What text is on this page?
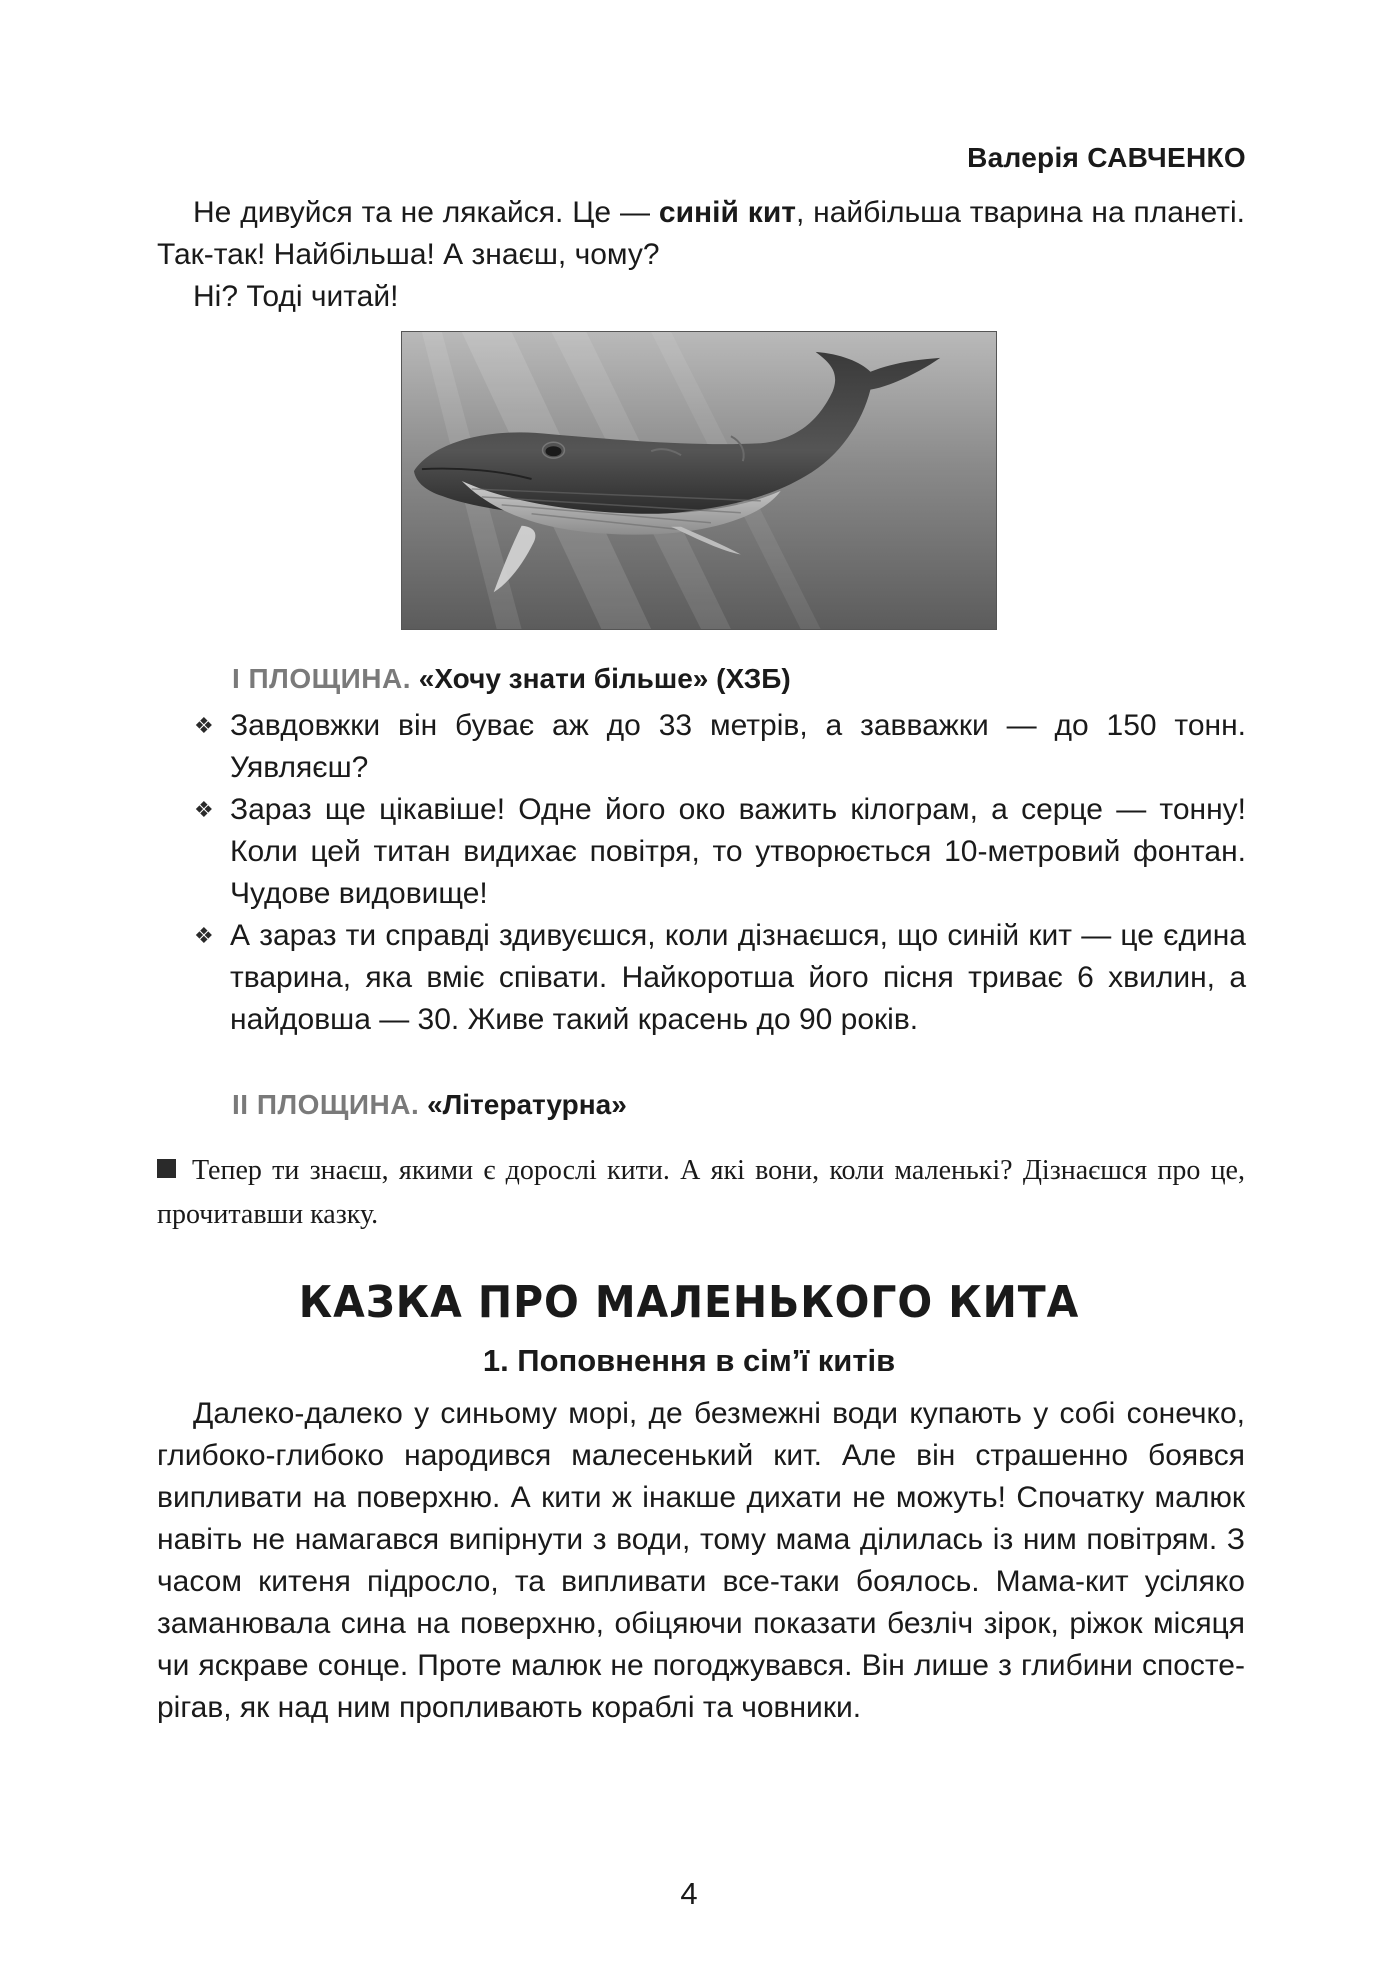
Валерія САВЧЕНКО

Не дивуйся та не лякайся. Це — синій кит, найбільша тварина на планеті. Так-так! Найбільша! А знаєш, чому?

Ні? Тоді читай!

I ПЛОЩИНА. «Хочу знати більше» (ХЗБ)
❖ Завдовжки він буває аж до 33 метрів, а завважки — до 150 тонн. Уявляєш?
❖ Зараз ще цікавіше! Одне його око важить кілограм, а серце — тонну! Коли цей титан видихає повітря, то утворюється 10-метровий фонтан. Чудове видовище!
❖ А зараз ти справді здивуєшся, коли дізнаєшся, що синій кит — це єдина тварина, яка вміє співати. Найкоротша його пісня триває 6 хвилин, а найдовша — 30. Живе такий красень до 90 років.
II ПЛОЩИНА. «Літературна»
Тепер ти знаєш, якими є дорослі кити. А які вони, коли маленькі? Дізнаєшся про це, прочитавши казку.
КАЗКА ПРО МАЛЕНЬКОГО КИТА
1. Поповнення в сім’ї китів

Далеко-далеко у синьому морі, де безмежні води купають у собі сонечко, глибоко-глибоко народився малесенький кит. Але він страшенно боявся випливати на поверхню. А кити ж інакше дихати не можуть! Спочатку малюк навіть не намагався випірнути з води, тому мама ділилась із ним повітрям. З часом китеня підросло, та випливати все-таки боялось. Мама-кит усіляко заманювала сина на поверхню, обіцяючи показати безліч зірок, ріжок місяця чи яскраве сонце. Проте малюк не погоджувався. Він лише з глибини спостерігав, як над ним пропливають кораблі та човники.

4
